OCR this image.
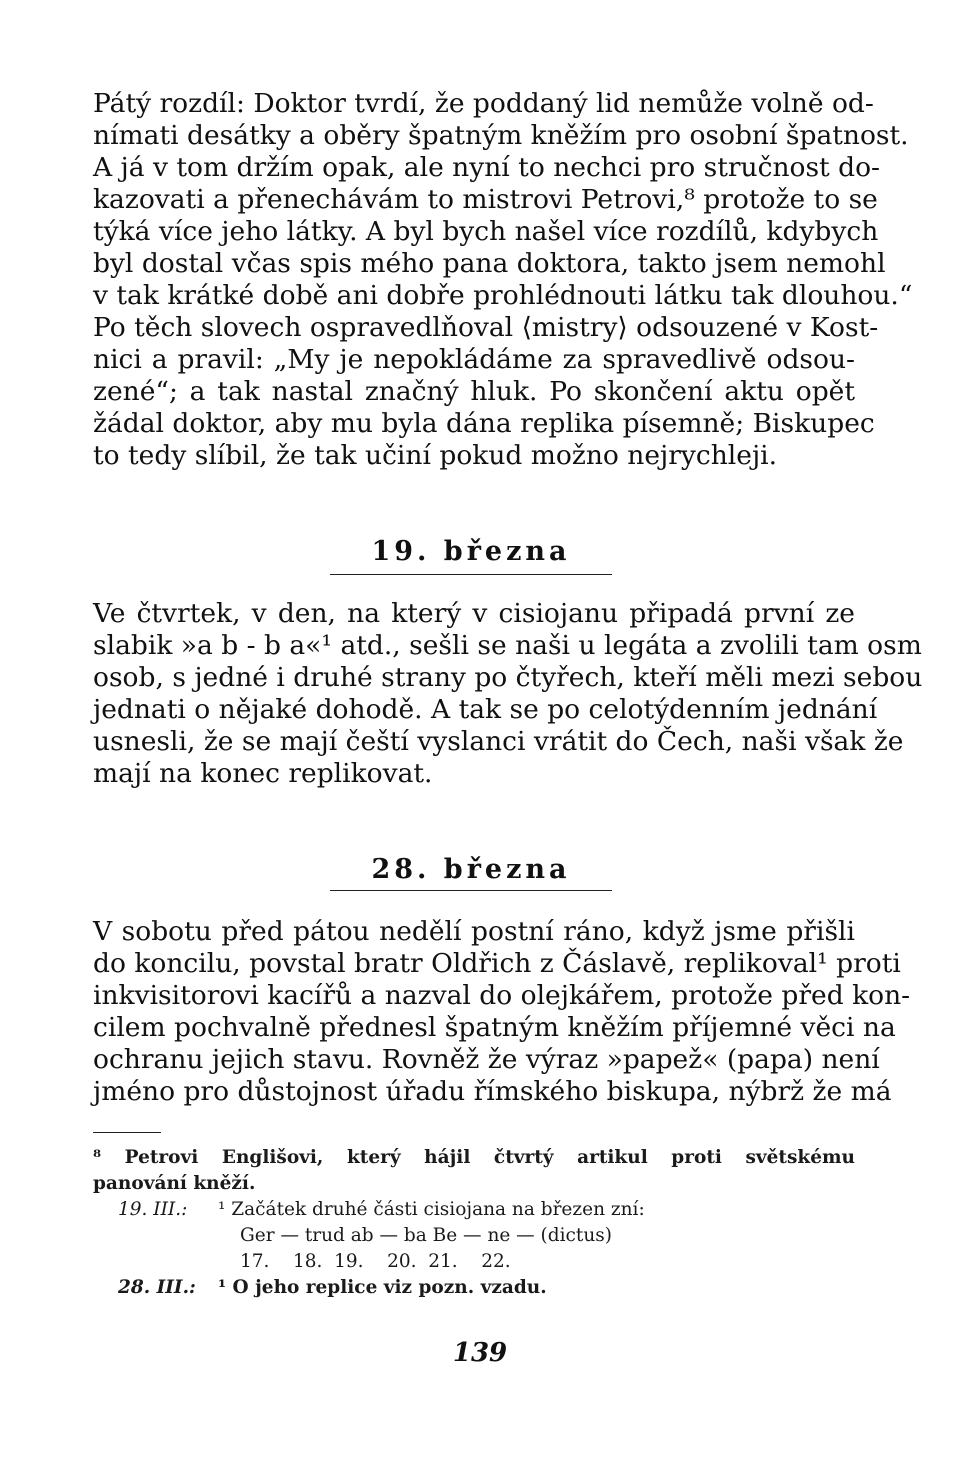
Pátý rozdíl: Doktor tvrdí, že poddaný lid nemůže volně od-
nímati desátky a oběry špatným kněžím pro osobní špatnost.
A já v tom držím opak, ale nyní to nechci pro stručnost do-
kazovati a přenechávám to mistrovi Petrovi,⁸ protože to se
týká více jeho látky. A byl bych našel více rozdílů, kdybych
byl dostal včas spis mého pana doktora, takto jsem nemohl
v tak krátké době ani dobře prohlédnouti látku tak dlouhou.“
Po těch slovech ospravedlňoval ⟨mistry⟩ odsouzené v Kost-
nici a pravil: „My je nepokládáme za spravedlivě odsou-
zené“; a tak nastal značný hluk. Po skončení aktu opět
žádal doktor, aby mu byla dána replika písemně; Biskupec
to tedy slíbil, že tak učiní pokud možno nejrychleji.
19. března
Ve čtvrtek, v den, na který v cisiojanu připadá první ze
slabik »a b - b a«¹ atd., sešli se naši u legáta a zvolili tam osm
osob, s jedné i druhé strany po čtyřech, kteří měli mezi sebou
jednati o nějaké dohodě. A tak se po celotýdenním jednání
usnesli, že se mají čeští vyslanci vrátit do Čech, naši však že
mají na konec replikovat.
28. března
V sobotu před pátou nedělí postní ráno, když jsme přišli
do koncilu, povstal bratr Oldřich z Čáslavě, replikoval¹ proti
inkvisitorovi kacířů a nazval do olejkářem, protože před kon-
cilem pochvalně přednesl špatným kněžím příjemné věci na
ochranu jejich stavu. Rovněž že výraz »papež« (papa) není
jméno pro důstojnost úřadu římského biskupa, nýbrž že má
⁸ Petrovi Englišovi, který hájil čtvrtý artikul proti světskému
panování kněží.
19. III.: ¹ Začátek druhé části cisiojana na březen zní:
Ger — trud ab — ba Be — ne — (dictus)
17.    18.  19.    20.  21.    22.
28. III.: ¹ O jeho replice viz pozn. vzadu.
139
